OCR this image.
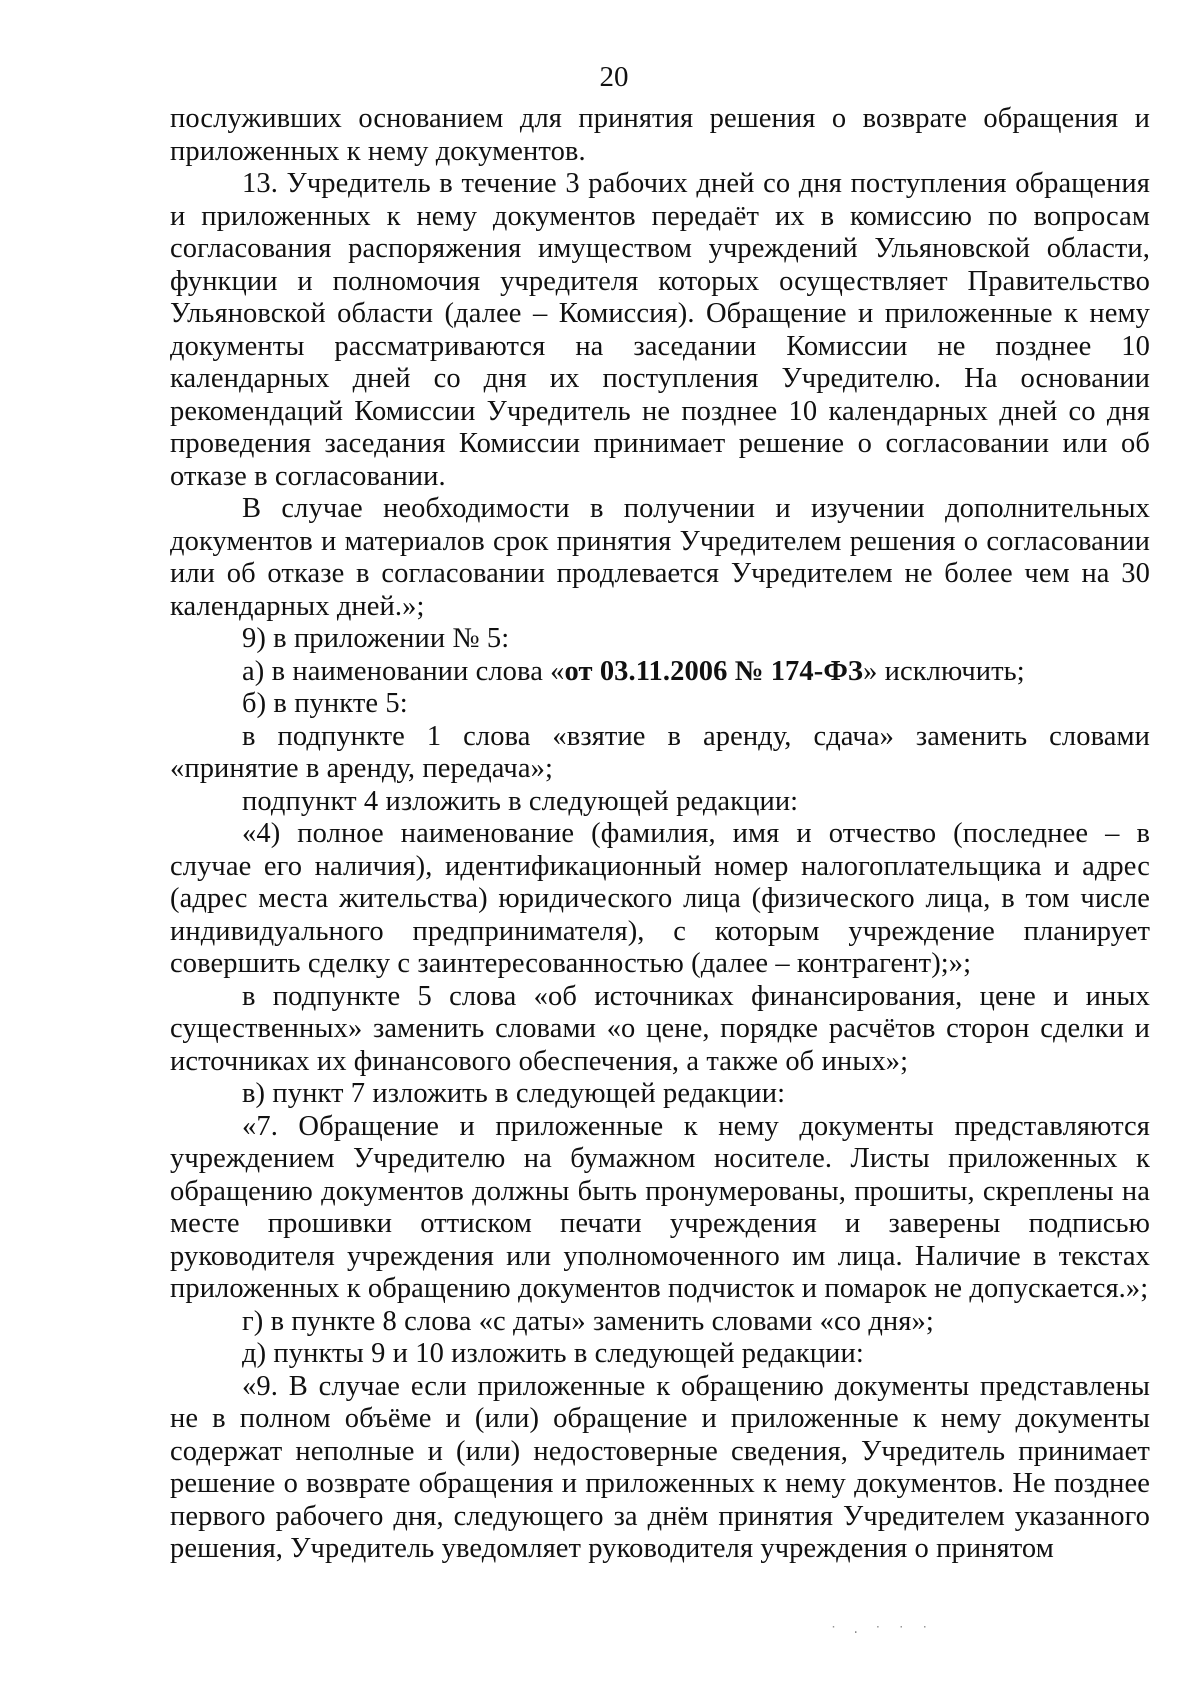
20

послуживших основанием для принятия решения о возврате обращения и приложенных к нему документов.

13. Учредитель в течение 3 рабочих дней со дня поступления обращения и приложенных к нему документов передаёт их в комиссию по вопросам согласования распоряжения имуществом учреждений Ульяновской области, функции и полномочия учредителя которых осуществляет Правительство Ульяновской области (далее – Комиссия). Обращение и приложенные к нему документы рассматриваются на заседании Комиссии не позднее 10 календарных дней со дня их поступления Учредителю. На основании рекомендаций Комиссии Учредитель не позднее 10 календарных дней со дня проведения заседания Комиссии принимает решение о согласовании или об отказе в согласовании.

В случае необходимости в получении и изучении дополнительных документов и материалов срок принятия Учредителем решения о согласовании или об отказе в согласовании продлевается Учредителем не более чем на 30 календарных дней.»;

9) в приложении № 5:

а) в наименовании слова «от 03.11.2006 № 174-ФЗ» исключить;

б) в пункте 5:

в подпункте 1 слова «взятие в аренду, сдача» заменить словами «принятие в аренду, передача»;

подпункт 4 изложить в следующей редакции:

«4) полное наименование (фамилия, имя и отчество (последнее – в случае его наличия), идентификационный номер налогоплательщика и адрес (адрес места жительства) юридического лица (физического лица, в том числе индивидуального предпринимателя), с которым учреждение планирует совершить сделку с заинтересованностью (далее – контрагент);»;

в подпункте 5 слова «об источниках финансирования, цене и иных существенных» заменить словами «о цене, порядке расчётов сторон сделки и источниках их финансового обеспечения, а также об иных»;

в) пункт 7 изложить в следующей редакции:

«7. Обращение и приложенные к нему документы представляются учреждением Учредителю на бумажном носителе. Листы приложенных к обращению документов должны быть пронумерованы, прошиты, скреплены на месте прошивки оттиском печати учреждения и заверены подписью руководителя учреждения или уполномоченного им лица. Наличие в текстах приложенных к обращению документов подчисток и помарок не допускается.»;

г) в пункте 8 слова «с даты» заменить словами «со дня»;

д) пункты 9 и 10 изложить в следующей редакции:

«9. В случае если приложенные к обращению документы представлены не в полном объёме и (или) обращение и приложенные к нему документы содержат неполные и (или) недостоверные сведения, Учредитель принимает решение о возврате обращения и приложенных к нему документов. Не позднее первого рабочего дня, следующего за днём принятия Учредителем указанного решения, Учредитель уведомляет руководителя учреждения о принятом

˙ · ˙ ˙ ˙
